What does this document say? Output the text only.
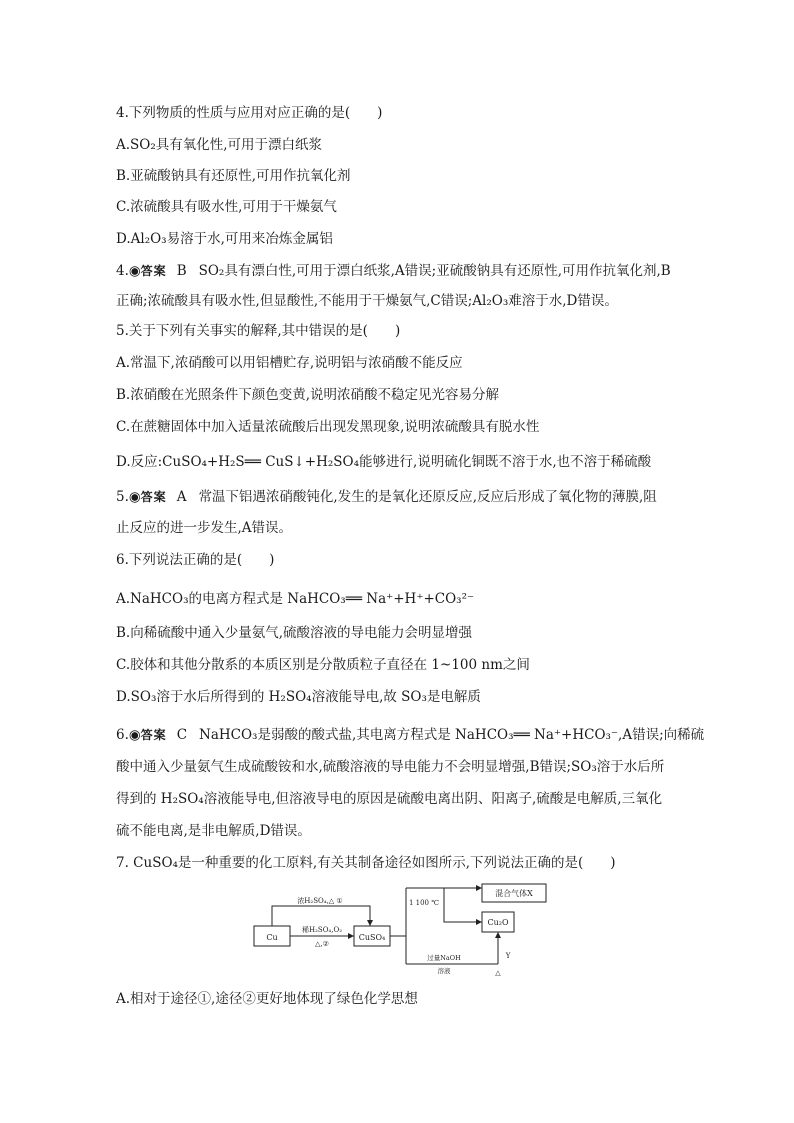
4.下列物质的性质与应用对应正确的是(　　)
A.SO₂具有氧化性,可用于漂白纸浆
B.亚硫酸钠具有还原性,可用作抗氧化剂
C.浓硫酸具有吸水性,可用于干燥氨气
D.Al₂O₃易溶于水,可用来冶炼金属铝
4.◉答案 B SO₂具有漂白性,可用于漂白纸浆,A错误;亚硫酸钠具有还原性,可用作抗氧化剂,B
正确;浓硫酸具有吸水性,但显酸性,不能用于干燥氨气,C错误;Al₂O₃难溶于水,D错误。
5.关于下列有关事实的解释,其中错误的是(　　)
A.常温下,浓硝酸可以用铝槽贮存,说明铝与浓硝酸不能反应
B.浓硝酸在光照条件下颜色变黄,说明浓硝酸不稳定见光容易分解
C.在蔗糖固体中加入适量浓硫酸后出现发黑现象,说明浓硫酸具有脱水性
D.反应:CuSO₄+H₂S══ CuS↓+H₂SO₄能够进行,说明硫化铜既不溶于水,也不溶于稀硫酸
5.◉答案 A 常温下铝遇浓硝酸钝化,发生的是氧化还原反应,反应后形成了氧化物的薄膜,阻
止反应的进一步发生,A错误。
6.下列说法正确的是(　　)
A.NaHCO₃的电离方程式是 NaHCO₃══ Na⁺+H⁺+CO₃²⁻
B.向稀硫酸中通入少量氨气,硫酸溶液的导电能力会明显增强
C.胶体和其他分散系的本质区别是分散质粒子直径在 1~100 nm之间
D.SO₃溶于水后所得到的 H₂SO₄溶液能导电,故 SO₃是电解质
6.◉答案 C NaHCO₃是弱酸的酸式盐,其电离方程式是 NaHCO₃══ Na⁺+HCO₃⁻,A错误;向稀硫
酸中通入少量氨气生成硫酸铵和水,硫酸溶液的导电能力不会明显增强,B错误;SO₃溶于水后所
得到的 H₂SO₄溶液能导电,但溶液导电的原因是硫酸电离出阴、阳离子,硫酸是电解质,三氧化
硫不能电离,是非电解质,D错误。
7. CuSO₄是一种重要的化工原料,有关其制备途径如图所示,下列说法正确的是(　　)
Cu	CuSO₄
混合气体X
Cu₂O
浓H₂SO₄,△ ①
稀H₂SO₄,O₂
△,②
1 100 ℃
过量NaOH
溶液
Y
△
A.相对于途径①,途径②更好地体现了绿色化学思想
